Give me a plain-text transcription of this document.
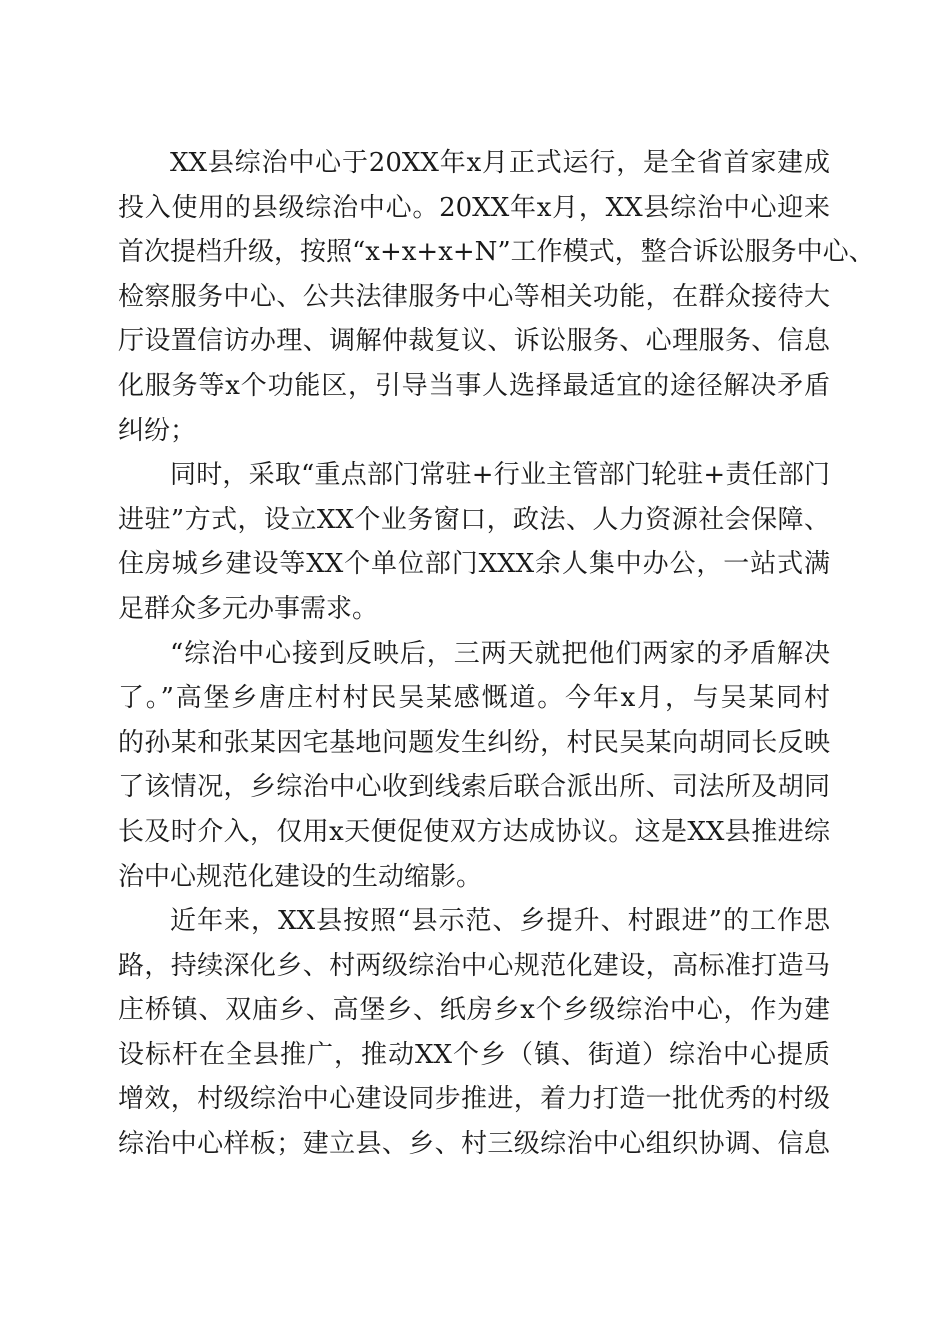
XX县综治中心于20XX年x月正式运行，是全省首家建成
投入使用的县级综治中心。20XX年x月，XX县综治中心迎来
首次提档升级，按照“x+x+x+N”工作模式，整合诉讼服务中心、
检察服务中心、公共法律服务中心等相关功能，在群众接待大
厅设置信访办理、调解仲裁复议、诉讼服务、心理服务、信息
化服务等x个功能区，引导当事人选择最适宜的途径解决矛盾
纠纷；
同时，采取“重点部门常驻+行业主管部门轮驻+责任部门
进驻”方式，设立XX个业务窗口，政法、人力资源社会保障、
住房城乡建设等XX个单位部门XXX余人集中办公，一站式满
足群众多元办事需求。
“综治中心接到反映后，三两天就把他们两家的矛盾解决
了。”高堡乡唐庄村村民吴某感慨道。今年x月，与吴某同村
的孙某和张某因宅基地问题发生纠纷，村民吴某向胡同长反映
了该情况，乡综治中心收到线索后联合派出所、司法所及胡同
长及时介入，仅用x天便促使双方达成协议。这是XX县推进综
治中心规范化建设的生动缩影。
近年来，XX县按照“县示范、乡提升、村跟进”的工作思
路，持续深化乡、村两级综治中心规范化建设，高标准打造马
庄桥镇、双庙乡、高堡乡、纸房乡x个乡级综治中心，作为建
设标杆在全县推广，推动XX个乡（镇、街道）综治中心提质
增效，村级综治中心建设同步推进，着力打造一批优秀的村级
综治中心样板；建立县、乡、村三级综治中心组织协调、信息
